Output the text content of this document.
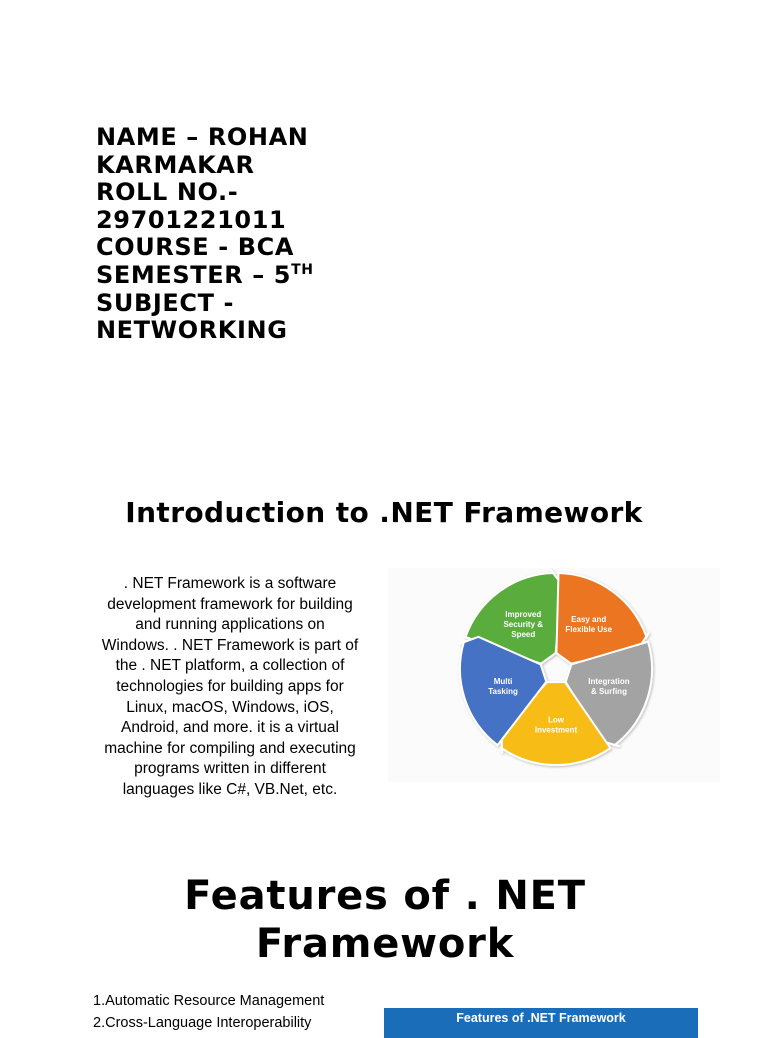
NAME – ROHAN
KARMAKAR
ROLL NO.-
29701221011
COURSE - BCA
SEMESTER – 5TH
SUBJECT -
NETWORKING
Introduction to .NET Framework
. NET Framework is a software
development framework for building
and running applications on
Windows. . NET Framework is part of
the . NET platform, a collection of
technologies for building apps for
Linux, macOS, Windows, iOS,
Android, and more. it is a virtual
machine for compiling and executing
programs written in different
languages like C#, VB.Net, etc.
Improved
Security &
Speed
Easy and
Flexible Use
Integration
& Surfing
Low
Investment
Multi
Tasking
Features of . NET
Framework
1.Automatic Resource Management
2.Cross-Language Interoperability	Features of .NET Framework
